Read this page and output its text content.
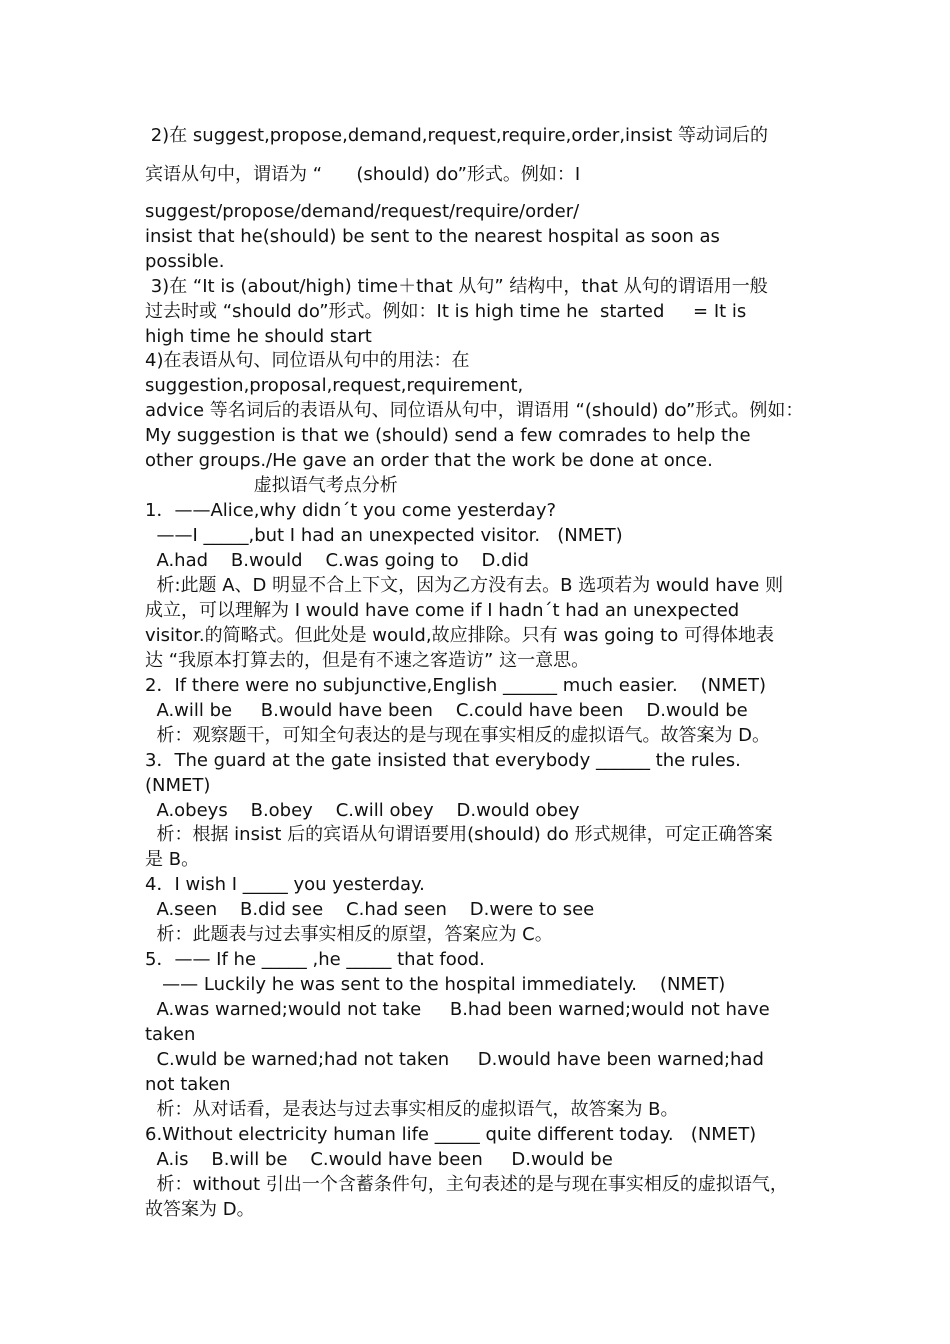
2)在 suggest,propose,demand,request,require,order,insist 等动词后的
宾语从句中，谓语为 “      (should) do”形式。例如：I
suggest/propose/demand/request/require/order/
insist that he(should) be sent to the nearest hospital as soon as
possible.
3)在 “It is (about/high) time＋that 从句” 结构中，that 从句的谓语用一般
过去时或 “should do”形式。例如：It is high time he  started     = It is
high time he should start
4)在表语从句、同位语从句中的用法：在
suggestion,proposal,request,requirement,
advice 等名词后的表语从句、同位语从句中，谓语用 “(should) do”形式。例如：
My suggestion is that we (should) send a few comrades to help the
other groups./He gave an order that the work be done at once.
虚拟语气考点分析
1．——Alice,why didn´t you come yesterday?
——I _____,but I had an unexpected visitor.   (NMET)
A.had    B.would    C.was going to    D.did
析:此题 A、D 明显不合上下文，因为乙方没有去。B 选项若为 would have 则
成立，可以理解为 I would have come if I hadn´t had an unexpected
visitor.的简略式。但此处是 would,故应排除。只有 was going to 可得体地表
达 “我原本打算去的，但是有不速之客造访” 这一意思。
2．If there were no subjunctive,English ______ much easier.    (NMET)
A.will be     B.would have been    C.could have been    D.would be
析：观察题干，可知全句表达的是与现在事实相反的虚拟语气。故答案为 D。
3．The guard at the gate insisted that everybody ______ the rules.
(NMET)
A.obeys    B.obey    C.will obey    D.would obey
析：根据 insist 后的宾语从句谓语要用(should) do 形式规律，可定正确答案
是 B。
4．I wish I _____ you yesterday.
A.seen    B.did see    C.had seen    D.were to see
析：此题表与过去事实相反的原望，答案应为 C。
5．—— If he _____ ,he _____ that food.
—— Luckily he was sent to the hospital immediately.    (NMET)
A.was warned;would not take     B.had been warned;would not have
taken
C.wuld be warned;had not taken     D.would have been warned;had
not taken
析：从对话看，是表达与过去事实相反的虚拟语气，故答案为 B。
6.Without electricity human life _____ quite different today.   (NMET)
A.is    B.will be    C.would have been     D.would be
析：without 引出一个含蓄条件句，主句表述的是与现在事实相反的虚拟语气，
故答案为 D。
